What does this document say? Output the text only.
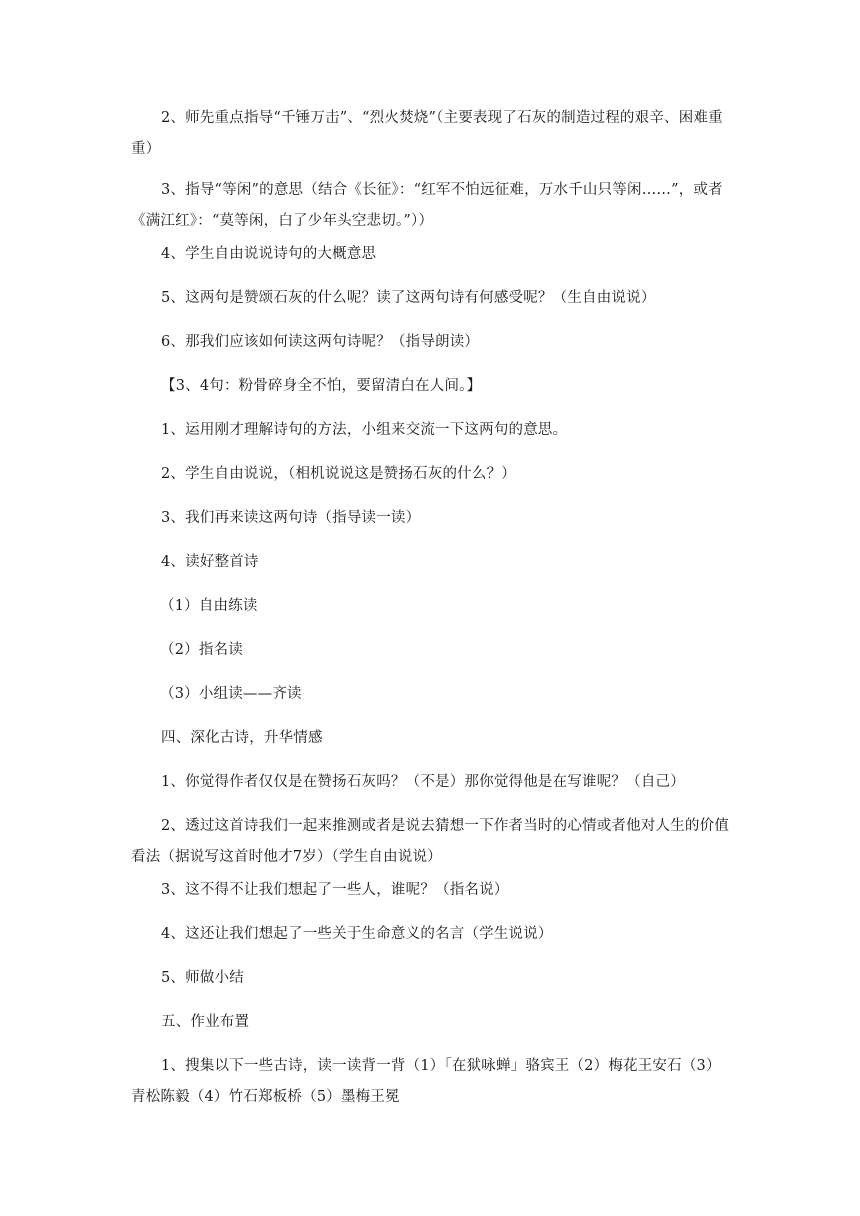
2、师先重点指导“千锤万击”、“烈火焚烧”（主要表现了石灰的制造过程的艰辛、困难重重）

3、指导“等闲”的意思（结合《长征》：“红军不怕远征难，万水千山只等闲……”，或者《满江红》：“莫等闲，白了少年头空悲切。”））

4、学生自由说说诗句的大概意思

5、这两句是赞颂石灰的什么呢？读了这两句诗有何感受呢？（生自由说说）

6、那我们应该如何读这两句诗呢？（指导朗读）

【3、4句：粉骨碎身全不怕，要留清白在人间。】

1、运用刚才理解诗句的方法，小组来交流一下这两句的意思。

2、学生自由说说，（相机说说这是赞扬石灰的什么？）

3、我们再来读这两句诗（指导读一读）

4、读好整首诗

（1）自由练读

（2）指名读

（3）小组读——齐读

四、深化古诗，升华情感

1、你觉得作者仅仅是在赞扬石灰吗？（不是）那你觉得他是在写谁呢？（自己）

2、透过这首诗我们一起来推测或者是说去猜想一下作者当时的心情或者他对人生的价值看法（据说写这首时他才7岁）（学生自由说说）

3、这不得不让我们想起了一些人，谁呢？（指名说）

4、这还让我们想起了一些关于生命意义的名言（学生说说）

5、师做小结

五、作业布置

1、搜集以下一些古诗，读一读背一背（1）「在狱咏蝉」骆宾王（2）梅花王安石（3）青松陈毅（4）竹石郑板桥（5）墨梅王冕
